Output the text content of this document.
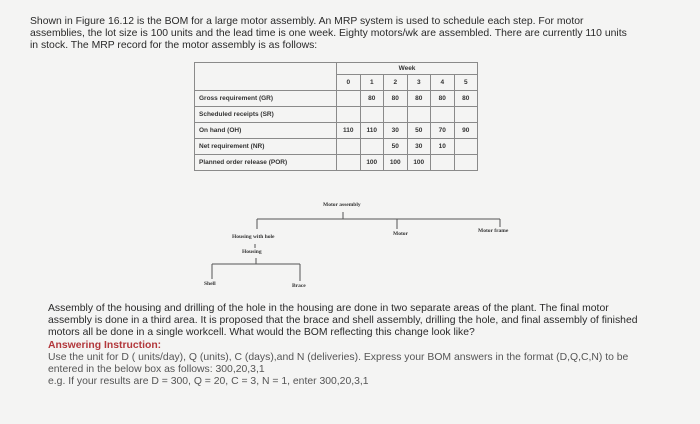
Shown in Figure 16.12 is the BOM for a large motor assembly. An MRP system is used to schedule each step. For motor
assemblies, the lot size is 100 units and the lead time is one week. Eighty motors/wk are assembled. There are currently 110 units
in stock. The MRP record for the motor assembly is as follows:
	Week					
	0	1	2	3	4	5
Gross requirement (GR)		80	80	80	80	80
Scheduled receipts (SR)						
On hand (OH)	110	110	30	50	70	90
Net requirement (NR)			50	30	10	
Planned order release (POR)		100	100	100		
Motor assembly
Housing with hole
Housing
Motor	Motor frame
Shell	Brace
Assembly of the housing and drilling of the hole in the housing are done in two separate areas of the plant. The final motor
assembly is done in a third area. It is proposed that the brace and shell assembly, drilling the hole, and final assembly of finished
motors all be done in a single workcell. What would the BOM reflecting this change look like?
Answering Instruction:
Use the unit for D ( units/day), Q (units), C (days),and N (deliveries). Express your BOM answers in the format (D,Q,C,N) to be
entered in the below box as follows: 300,20,3,1
e.g. If your results are D = 300, Q = 20, C = 3, N = 1, enter 300,20,3,1
